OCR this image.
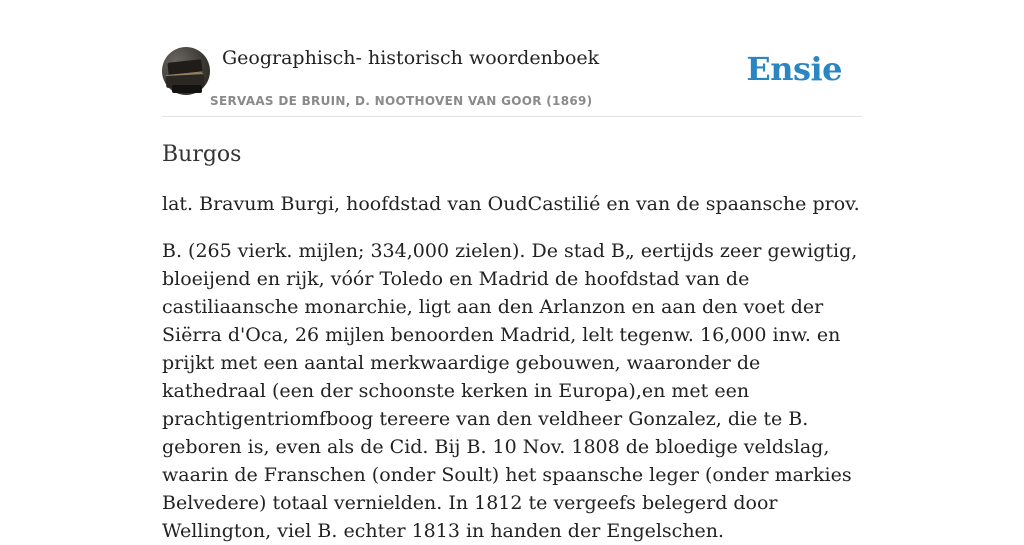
Geographisch- historisch woordenboek
SERVAAS DE BRUIN, D. NOOTHOVEN VAN GOOR (1869)
Ensie
Burgos

lat. Bravum Burgi, hoofdstad van OudCastilié en van de spaansche prov.

B. (265 vierk. mijlen; 334,000 zielen). De stad B„ eertijds zeer gewigtig, bloeijend en rijk, vóór Toledo en Madrid de hoofdstad van de castiliaansche monarchie, ligt aan den Arlanzon en aan den voet der Siërra d'Oca, 26 mijlen benoorden Madrid, lelt tegenw. 16,000 inw. en prijkt met een aantal merkwaardige gebouwen, waaronder de kathedraal (een der schoonste kerken in Europa),en met een prachtigentriomfboog tereere van den veldheer Gonzalez, die te B. geboren is, even als de Cid. Bij B. 10 Nov. 1808 de bloedige veldslag, waarin de Franschen (onder Soult) het spaansche leger (onder markies Belvedere) totaal vernielden. In 1812 te vergeefs belegerd door Wellington, viel B. echter 1813 in handen der Engelschen.
